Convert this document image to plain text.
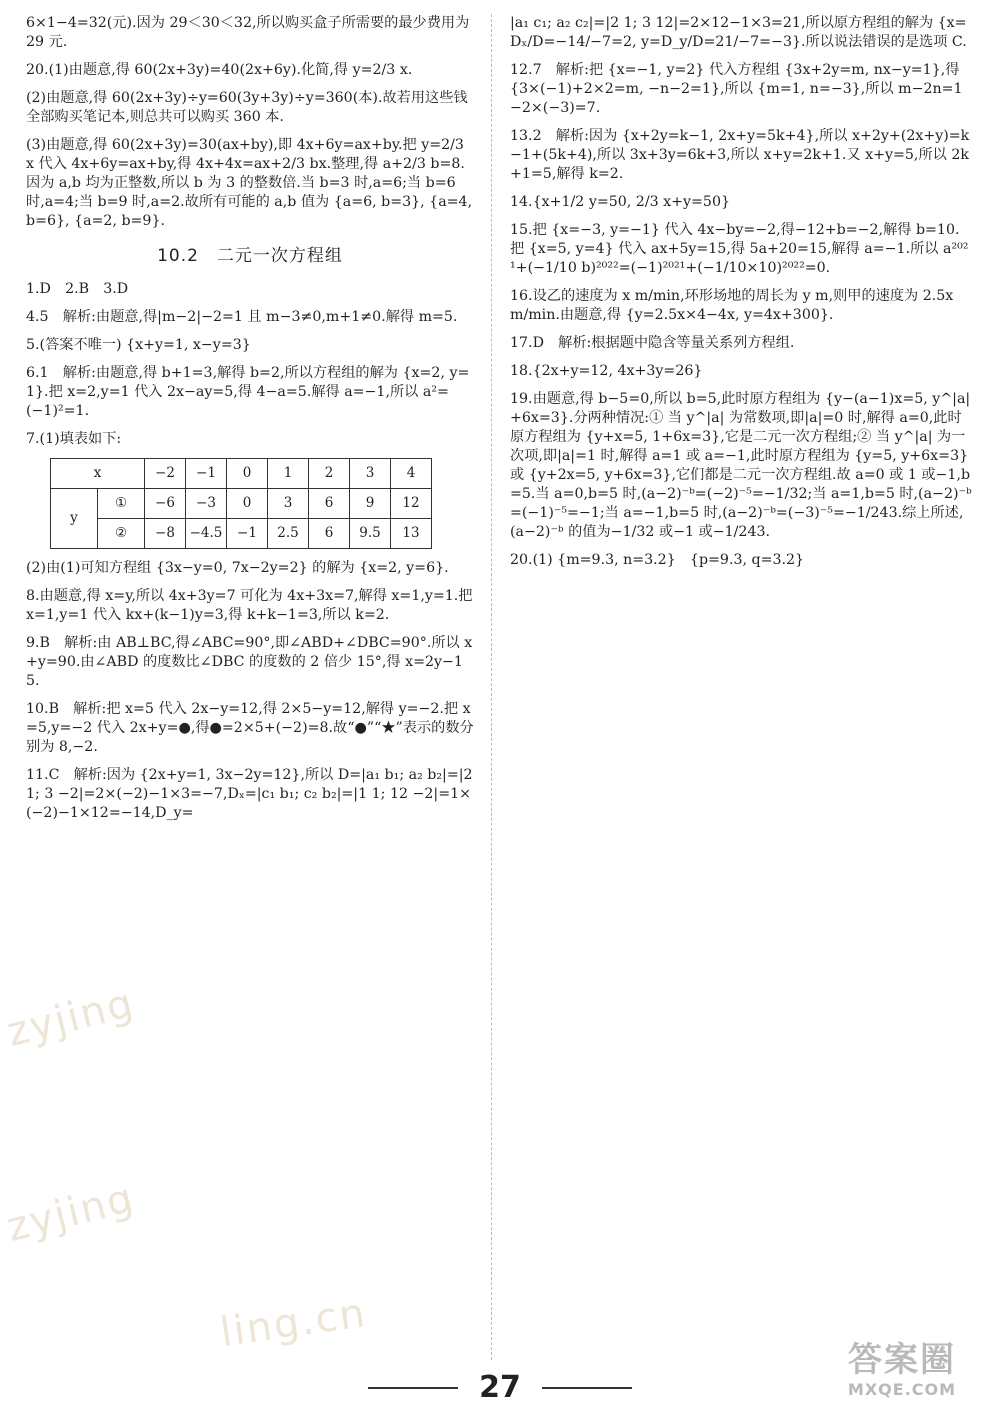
6×1−4=32(元).因为 29＜30＜32,所以购买盒子所需要的最少费用为 29 元.

20.(1)由题意,得 60(2x+3y)=40(2x+6y).化简,得 y=2/3 x.

(2)由题意,得 60(2x+3y)÷y=60(3y+3y)÷y=360(本).故若用这些钱全部购买笔记本,则总共可以购买 360 本.

(3)由题意,得 60(2x+3y)=30(ax+by),即 4x+6y=ax+by.把 y=2/3 x 代入 4x+6y=ax+by,得 4x+4x=ax+2/3 bx.整理,得 a+2/3 b=8.因为 a,b 均为正整数,所以 b 为 3 的整数倍.当 b=3 时,a=6;当 b=6 时,a=4;当 b=9 时,a=2.故所有可能的 a,b 值为 {a=6, b=3}, {a=4, b=6}, {a=2, b=9}.

10.2　二元一次方程组

1.D　2.B　3.D

4.5　解析:由题意,得|m−2|−2=1 且 m−3≠0,m+1≠0.解得 m=5.

5.(答案不唯一) {x+y=1, x−y=3}

6.1　解析:由题意,得 b+1=3,解得 b=2,所以方程组的解为 {x=2, y=1}.把 x=2,y=1 代入 2x−ay=5,得 4−a=5.解得 a=−1,所以 a²=(−1)²=1.

7.(1)填表如下:

x		−2	−1	0	1	2	3	4
y	①	−6	−3	0	3	6	9	12
	②	−8	−4.5	−1	2.5	6	9.5	13

(2)由(1)可知方程组 {3x−y=0, 7x−2y=2} 的解为 {x=2, y=6}.

8.由题意,得 x=y,所以 4x+3y=7 可化为 4x+3x=7,解得 x=1,y=1.把 x=1,y=1 代入 kx+(k−1)y=3,得 k+k−1=3,所以 k=2.

9.B　解析:由 AB⊥BC,得∠ABC=90°,即∠ABD+∠DBC=90°.所以 x+y=90.由∠ABD 的度数比∠DBC 的度数的 2 倍少 15°,得 x=2y−15.

10.B　解析:把 x=5 代入 2x−y=12,得 2×5−y=12,解得 y=−2.把 x=5,y=−2 代入 2x+y=●,得●=2×5+(−2)=8.故“●”“★”表示的数分别为 8,−2.

11.C　解析:因为 {2x+y=1, 3x−2y=12},所以 D=|a₁ b₁; a₂ b₂|=|2 1; 3 −2|=2×(−2)−1×3=−7,Dₓ=|c₁ b₁; c₂ b₂|=|1 1; 12 −2|=1×(−2)−1×12=−14,D_y=

|a₁ c₁; a₂ c₂|=|2 1; 3 12|=2×12−1×3=21,所以原方程组的解为 {x=Dₓ/D=−14/−7=2, y=D_y/D=21/−7=−3}.所以说法错误的是选项 C.

12.7　解析:把 {x=−1, y=2} 代入方程组 {3x+2y=m, nx−y=1},得 {3×(−1)+2×2=m, −n−2=1},所以 {m=1, n=−3},所以 m−2n=1−2×(−3)=7.

13.2　解析:因为 {x+2y=k−1, 2x+y=5k+4},所以 x+2y+(2x+y)=k−1+(5k+4),所以 3x+3y=6k+3,所以 x+y=2k+1.又 x+y=5,所以 2k+1=5,解得 k=2.

14.{x+1/2 y=50, 2/3 x+y=50}

15.把 {x=−3, y=−1} 代入 4x−by=−2,得−12+b=−2,解得 b=10.把 {x=5, y=4} 代入 ax+5y=15,得 5a+20=15,解得 a=−1.所以 a²⁰²¹+(−1/10 b)²⁰²²=(−1)²⁰²¹+(−1/10×10)²⁰²²=0.

16.设乙的速度为 x m/min,环形场地的周长为 y m,则甲的速度为 2.5x m/min.由题意,得 {y=2.5x×4−4x, y=4x+300}.

17.D　解析:根据题中隐含等量关系列方程组.

18.{2x+y=12, 4x+3y=26}

19.由题意,得 b−5=0,所以 b=5,此时原方程组为 {y−(a−1)x=5, y^|a|+6x=3}.分两种情况:① 当 y^|a| 为常数项,即|a|=0 时,解得 a=0,此时原方程组为 {y+x=5, 1+6x=3},它是二元一次方程组;② 当 y^|a| 为一次项,即|a|=1 时,解得 a=1 或 a=−1,此时原方程组为 {y=5, y+6x=3} 或 {y+2x=5, y+6x=3},它们都是二元一次方程组.故 a=0 或 1 或−1,b=5.当 a=0,b=5 时,(a−2)⁻ᵇ=(−2)⁻⁵=−1/32;当 a=1,b=5 时,(a−2)⁻ᵇ=(−1)⁻⁵=−1;当 a=−1,b=5 时,(a−2)⁻ᵇ=(−3)⁻⁵=−1/243.综上所述,(a−2)⁻ᵇ 的值为−1/32 或−1 或−1/243.

20.(1) {m=9.3, n=3.2}　{p=9.3, q=3.2}

zyjing
zyjing
ling.cn
27
答案圈
MXQE.COM
